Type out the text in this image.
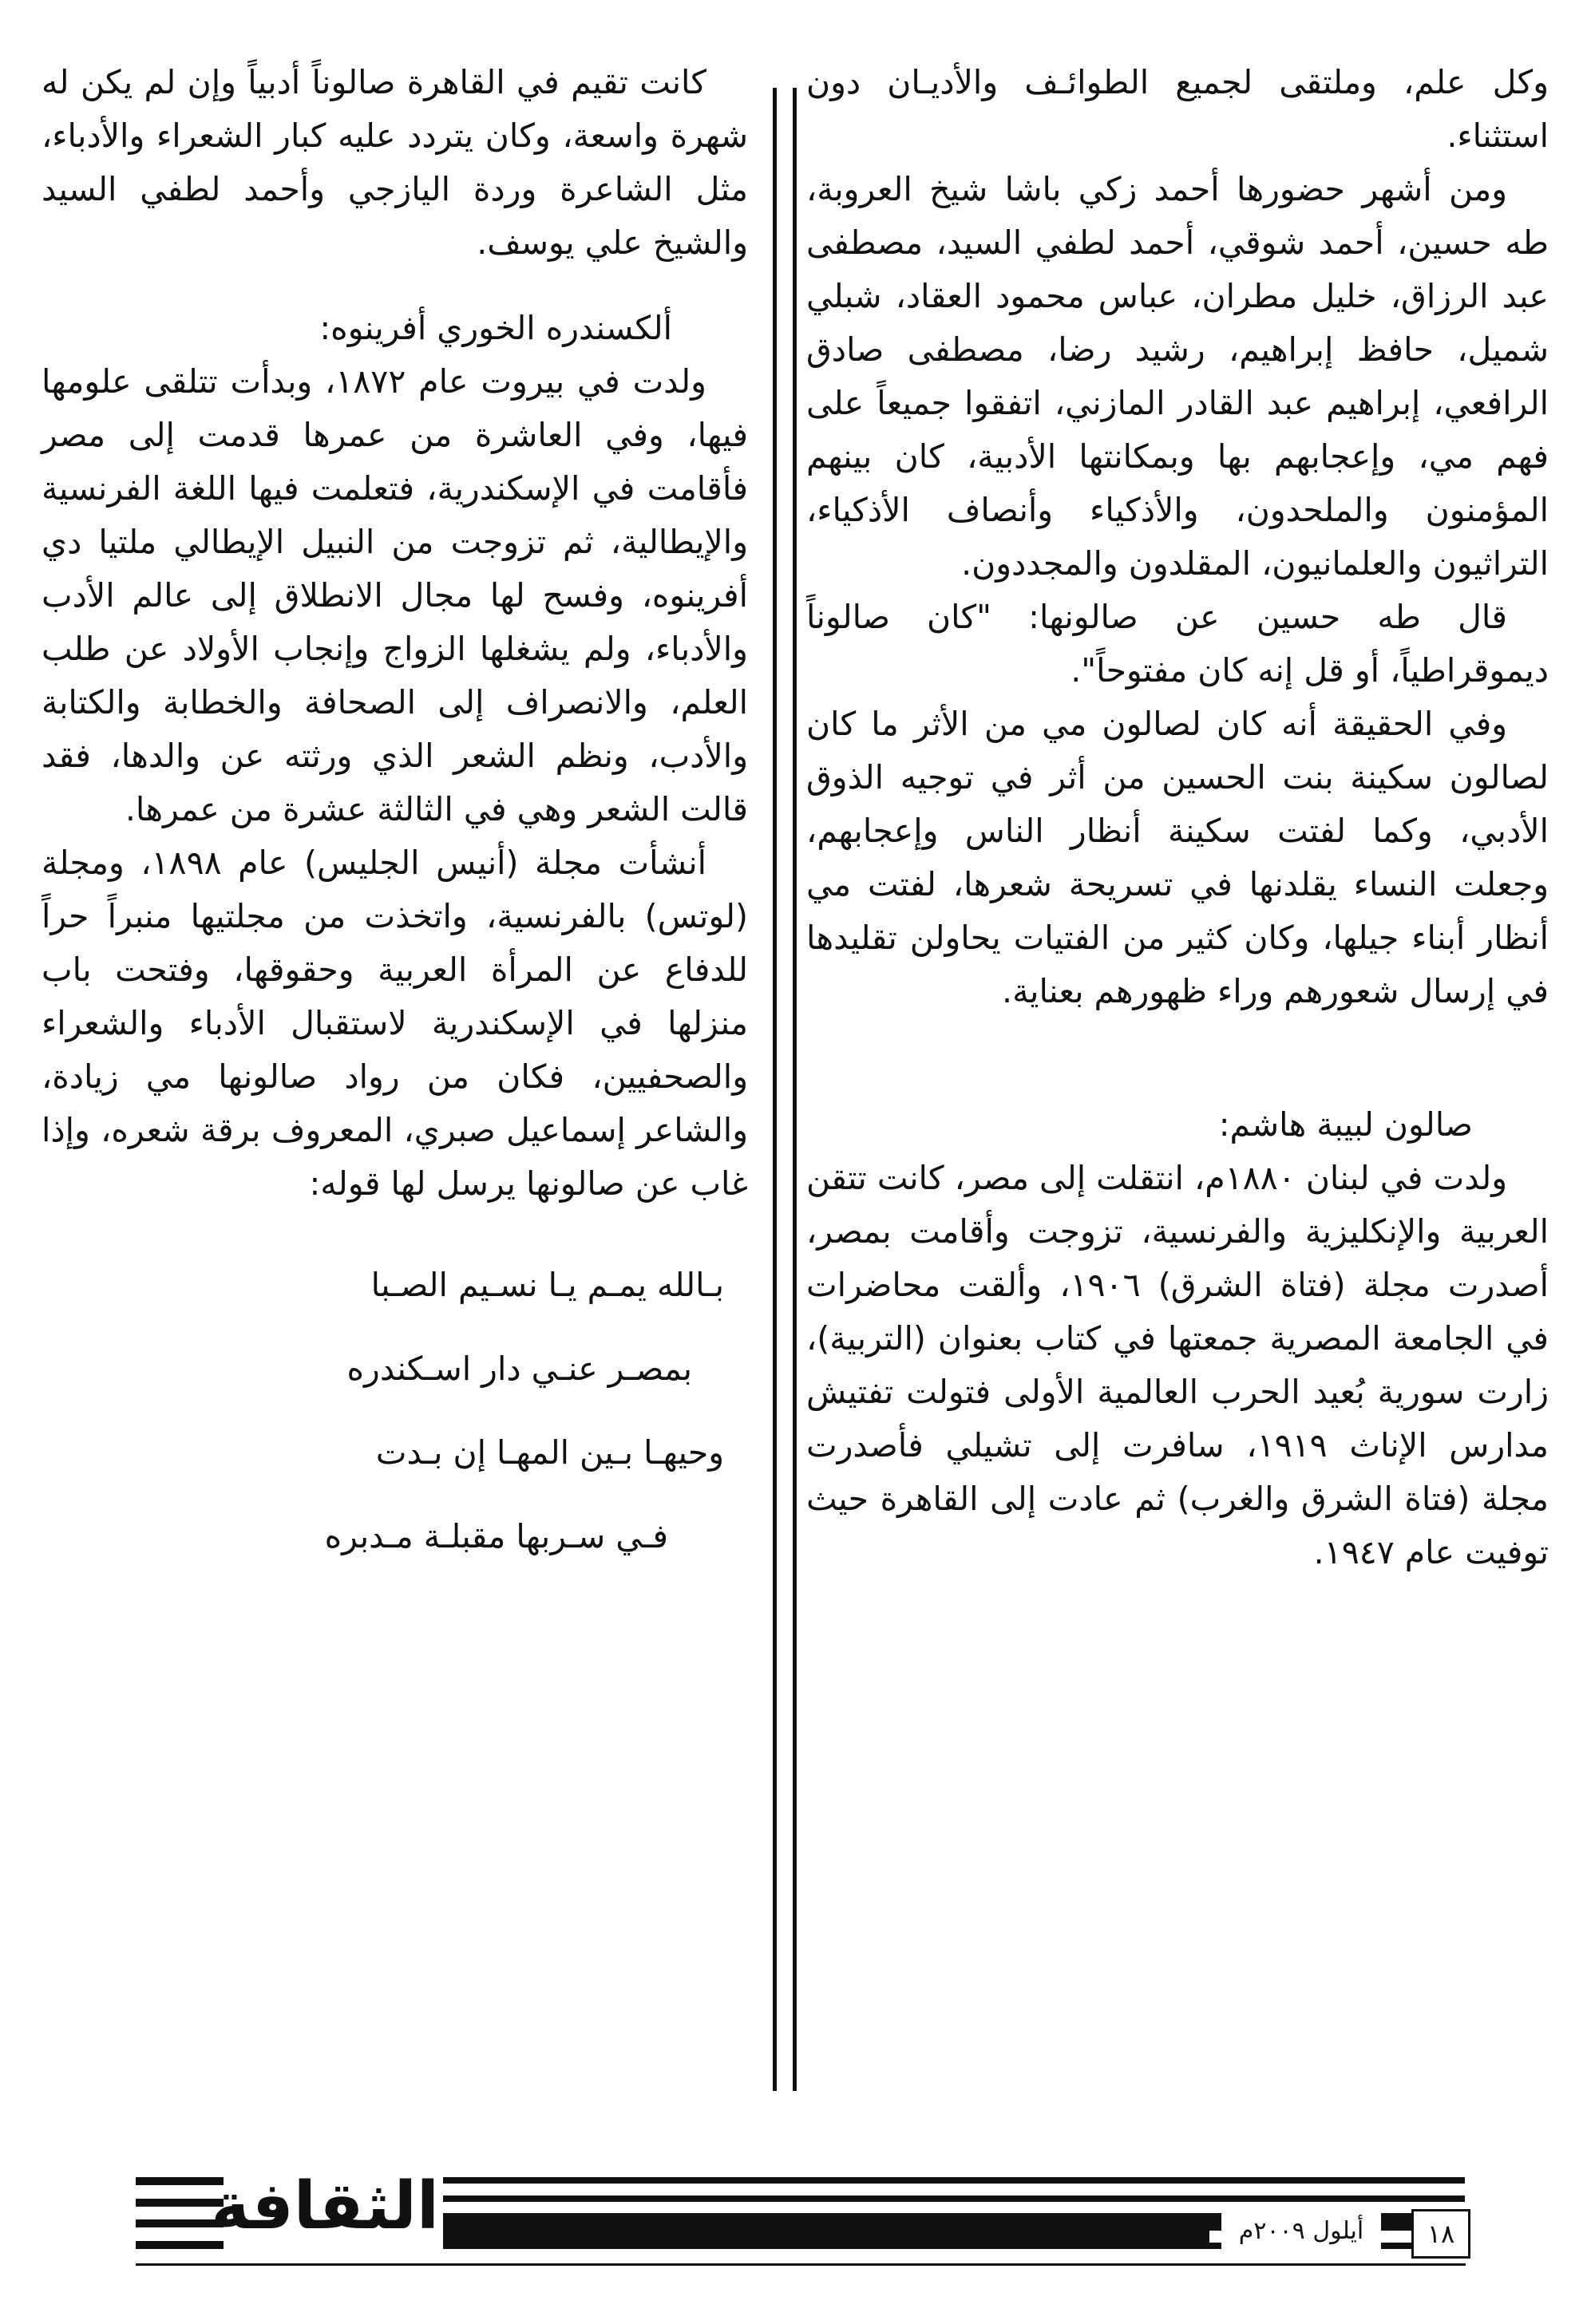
وكل علم، وملتقى لجميع الطوائـف والأديـان دون استثناء.

ومن أشهر حضورها أحمد زكي باشا شيخ العروبة، طه حسين، أحمد شوقي، أحمد لطفي السيد، مصطفى عبد الرزاق، خليل مطران، عباس محمود العقاد، شبلي شميل، حافظ إبراهيم، رشيد رضا، مصطفى صادق الرافعي، إبراهيم عبد القادر المازني، اتفقوا جميعاً على فهم مي، وإعجابهم بها وبمكانتها الأدبية، كان بينهم المؤمنون والملحدون، والأذكياء وأنصاف الأذكياء، التراثيون والعلمانيون، المقلدون والمجددون.

قال طه حسين عن صالونها: "كان صالوناً ديموقراطياً، أو قل إنه كان مفتوحاً".

وفي الحقيقة أنه كان لصالون مي من الأثر ما كان لصالون سكينة بنت الحسين من أثر في توجيه الذوق الأدبي، وكما لفتت سكينة أنظار الناس وإعجابهم، وجعلت النساء يقلدنها في تسريحة شعرها، لفتت مي أنظار أبناء جيلها، وكان كثير من الفتيات يحاولن تقليدها في إرسال شعورهم وراء ظهورهم بعناية.

صالون لبيبة هاشم:

ولدت في لبنان ١٨٨٠م، انتقلت إلى مصر، كانت تتقن العربية والإنكليزية والفرنسية، تزوجت وأقامت بمصر، أصدرت مجلة (فتاة الشرق) ١٩٠٦، وألقت محاضرات في الجامعة المصرية جمعتها في كتاب بعنوان (التربية)، زارت سورية بُعيد الحرب العالمية الأولى فتولت تفتيش مدارس الإناث ١٩١٩، سافرت إلى تشيلي فأصدرت مجلة (فتاة الشرق والغرب) ثم عادت إلى القاهرة حيث توفيت عام ١٩٤٧.

كانت تقيم في القاهرة صالوناً أدبياً وإن لم يكن له شهرة واسعة، وكان يتردد عليه كبار الشعراء والأدباء، مثل الشاعرة وردة اليازجي وأحمد لطفي السيد والشيخ علي يوسف.

ألكسندره الخوري أفرينوه:

ولدت في بيروت عام ١٨٧٢، وبدأت تتلقى علومها فيها، وفي العاشرة من عمرها قدمت إلى مصر فأقامت في الإسكندرية، فتعلمت فيها اللغة الفرنسية والإيطالية، ثم تزوجت من النبيل الإيطالي ملتيا دي أفرينوه، وفسح لها مجال الانطلاق إلى عالم الأدب والأدباء، ولم يشغلها الزواج وإنجاب الأولاد عن طلب العلم، والانصراف إلى الصحافة والخطابة والكتابة والأدب، ونظم الشعر الذي ورثته عن والدها، فقد قالت الشعر وهي في الثالثة عشرة من عمرها.

أنشأت مجلة (أنيس الجليس) عام ١٨٩٨، ومجلة (لوتس) بالفرنسية، واتخذت من مجلتيها منبراً حراً للدفاع عن المرأة العربية وحقوقها، وفتحت باب منزلها في الإسكندرية لاستقبال الأدباء والشعراء والصحفيين، فكان من رواد صالونها مي زيادة، والشاعر إسماعيل صبري، المعروف برقة شعره، وإذا غاب عن صالونها يرسل لها قوله:

بـالله يمـم يـا نسـيم الصـبا
بمصـر عنـي دار اسـكندره
وحيهـا بـين المهـا إن بـدت
فـي سـربها مقبلـة مـدبره
الثقافة	أيلول ٢٠٠٩م	١٨
